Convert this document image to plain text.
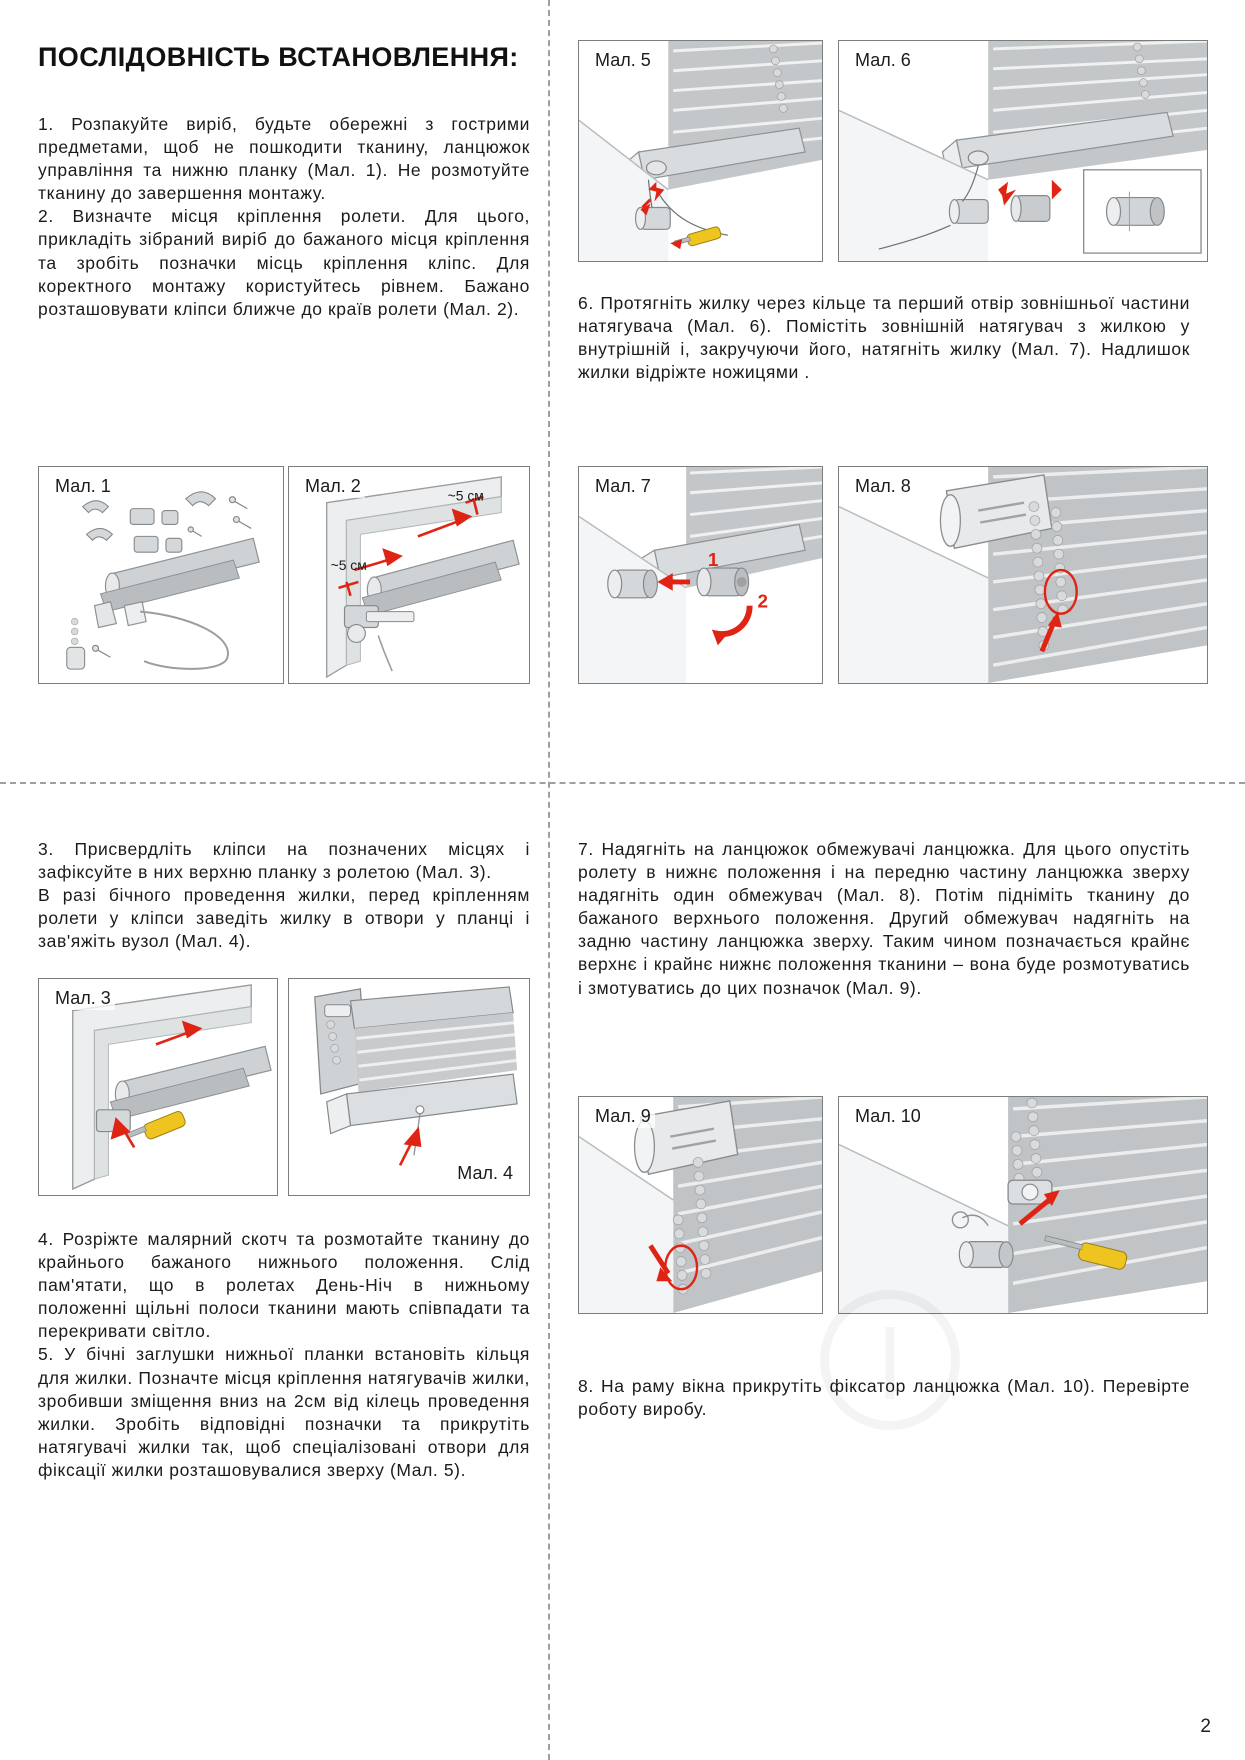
ПОСЛІДОВНІСТЬ ВСТАНОВЛЕННЯ:

1. Розпакуйте виріб, будьте обережні з гострими предметами, щоб не пошкодити тканину, ланцюжок управління та нижню планку (Мал. 1). Не розмотуйте тканину до завершення монтажу.

2. Визначте місця кріплення ролети. Для цього, прикладіть зібраний виріб до бажаного місця кріплення та зробіть позначки місць кріплення кліпс. Для коректного монтажу користуйтесь рівнем. Бажано розташовувати кліпси ближче до країв ролети (Мал. 2).

3. Присвердліть кліпси на позначених місцях і зафіксуйте в них верхню планку з ролетою (Мал. 3).

В разі бічного проведення жилки, перед кріпленням ролети у кліпси заведіть жилку в отвори у планці і зав'яжіть вузол (Мал. 4).

4. Розріжте малярний скотч та розмотайте тканину до крайнього бажаного нижнього положення. Слід пам'ятати, що в ролетах День-Ніч в нижньому положенні щільні полоси тканини мають співпадати та перекривати світло.

5. У бічні заглушки нижньої планки встановіть кільця для жилки. Позначте місця кріплення натягувачів жилки, зробивши зміщення вниз на 2см від кілець проведення жилки. Зробіть відповідні позначки та прикрутіть натягувачі жилки так, щоб спеціалізовані отвори для фіксації жилки розташовувалися зверху (Мал. 5).

6. Протягніть жилку через кільце та перший отвір зовнішньої частини натягувача (Мал. 6). Помістіть зовнішній натягувач з жилкою у внутрішній і, закручуючи його, натягніть жилку (Мал. 7). Надлишок жилки відріжте ножицями .

7. Надягніть на ланцюжок обмежувачі ланцюжка. Для цього опустіть ролету в нижнє положення і на передню частину ланцюжка зверху надягніть один обмежувач (Мал. 8). Потім підніміть тканину до бажаного верхнього положення. Другий обмежувач надягніть на задню частину ланцюжка зверху. Таким чином позначається крайнє верхнє і крайнє нижнє положення тканини – вона буде розмотуватись і змотуватись до цих позначок (Мал. 9).

8. На раму вікна прикрутіть фіксатор ланцюжка (Мал. 10). Перевірте роботу виробу.

Мал. 5	Мал. 6
Мал. 1	~5 см
~5 см
Мал. 2
1
2
Мал. 7	Мал. 8
Мал. 3
Мал. 4
Мал. 9	Мал. 10
2
